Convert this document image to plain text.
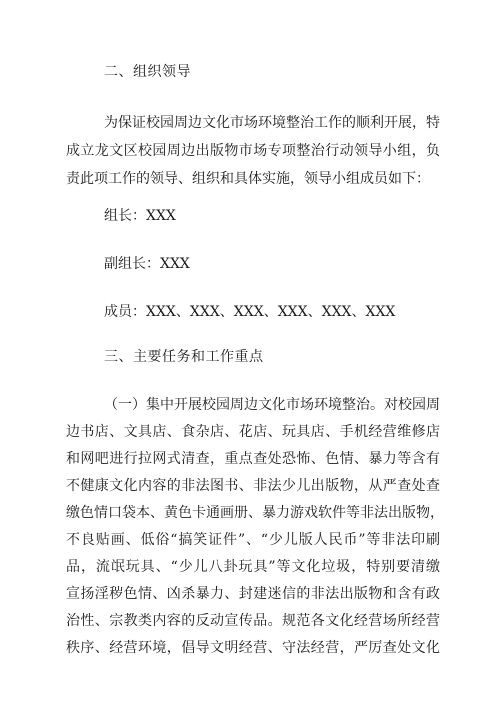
二、组织领导
为保证校园周边文化市场环境整治工作的顺利开展，特
成立龙文区校园周边出版物市场专项整治行动领导小组，负
责此项工作的领导、组织和具体实施，领导小组成员如下：
组长：XXX
副组长：XXX
成员：XXX、XXX、XXX、XXX、XXX、XXX
三、主要任务和工作重点
（一）集中开展校园周边文化市场环境整治。对校园周
边书店、文具店、食杂店、花店、玩具店、手机经营维修店
和网吧进行拉网式清查，重点查处恐怖、色情、暴力等含有
不健康文化内容的非法图书、非法少儿出版物，从严查处查
缴色情口袋本、黄色卡通画册、暴力游戏软件等非法出版物，
不良贴画、低俗“搞笑证件”、“少儿版人民币”等非法印刷
品，流氓玩具、“少儿八卦玩具”等文化垃圾，特别要清缴
宣扬淫秽色情、凶杀暴力、封建迷信的非法出版物和含有政
治性、宗教类内容的反动宣传品。规范各文化经营场所经营
秩序、经营环境，倡导文明经营、守法经营，严厉查处文化
